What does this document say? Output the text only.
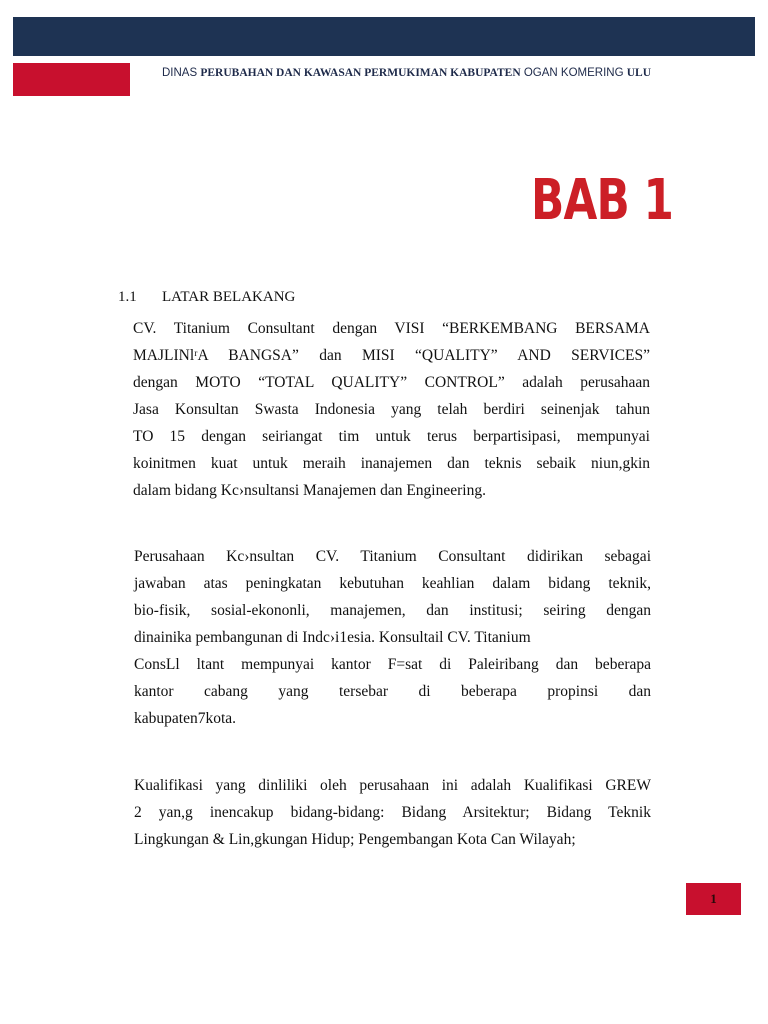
DINAS PERUBAHAN DAN KAWASAN PERMUKIMAN KABUPATEN OGAN KOMERING ULU
BAB 1
1.1 LATAR BELAKANG
CV. Titanium Consultant dengan VISI “BERKEMBANG BERSAMA
MAJLINlʳA BANGSA” dan MISI “QUALITY” AND SERVICES”
dengan MOTO “TOTAL QUALITY” CONTROL” adalah perusahaan
Jasa Konsultan Swasta Indonesia yang telah berdiri seinenjak tahun
TO 15 dengan seiriangat tim untuk terus berpartisipasi, mempunyai
koinitmen kuat untuk meraih inanajemen dan teknis sebaik niun,gkin
dalam bidang Kc›nsultansi Manajemen dan Engineering.
Perusahaan Kc›nsultan CV. Titanium Consultant didirikan sebagai
jawaban atas peningkatan kebutuhan keahlian dalam bidang teknik,
bio-fisik, sosial-ekononli, manajemen, dan institusi; seiring dengan
dinainika pembangunan di Indc›i1esia. Konsultail CV. Titanium
ConsLl ltant mempunyai kantor F=sat di Paleiribang dan beberapa
kantor cabang yang tersebar di beberapa propinsi dan
kabupaten7kota.
Kualifikasi yang dinliliki oleh perusahaan ini adalah Kualifikasi GREW
2 yan,g inencakup bidang-bidang: Bidang Arsitektur; Bidang Teknik
Lingkungan & Lin,gkungan Hidup; Pengembangan Kota Can Wilayah;
1
